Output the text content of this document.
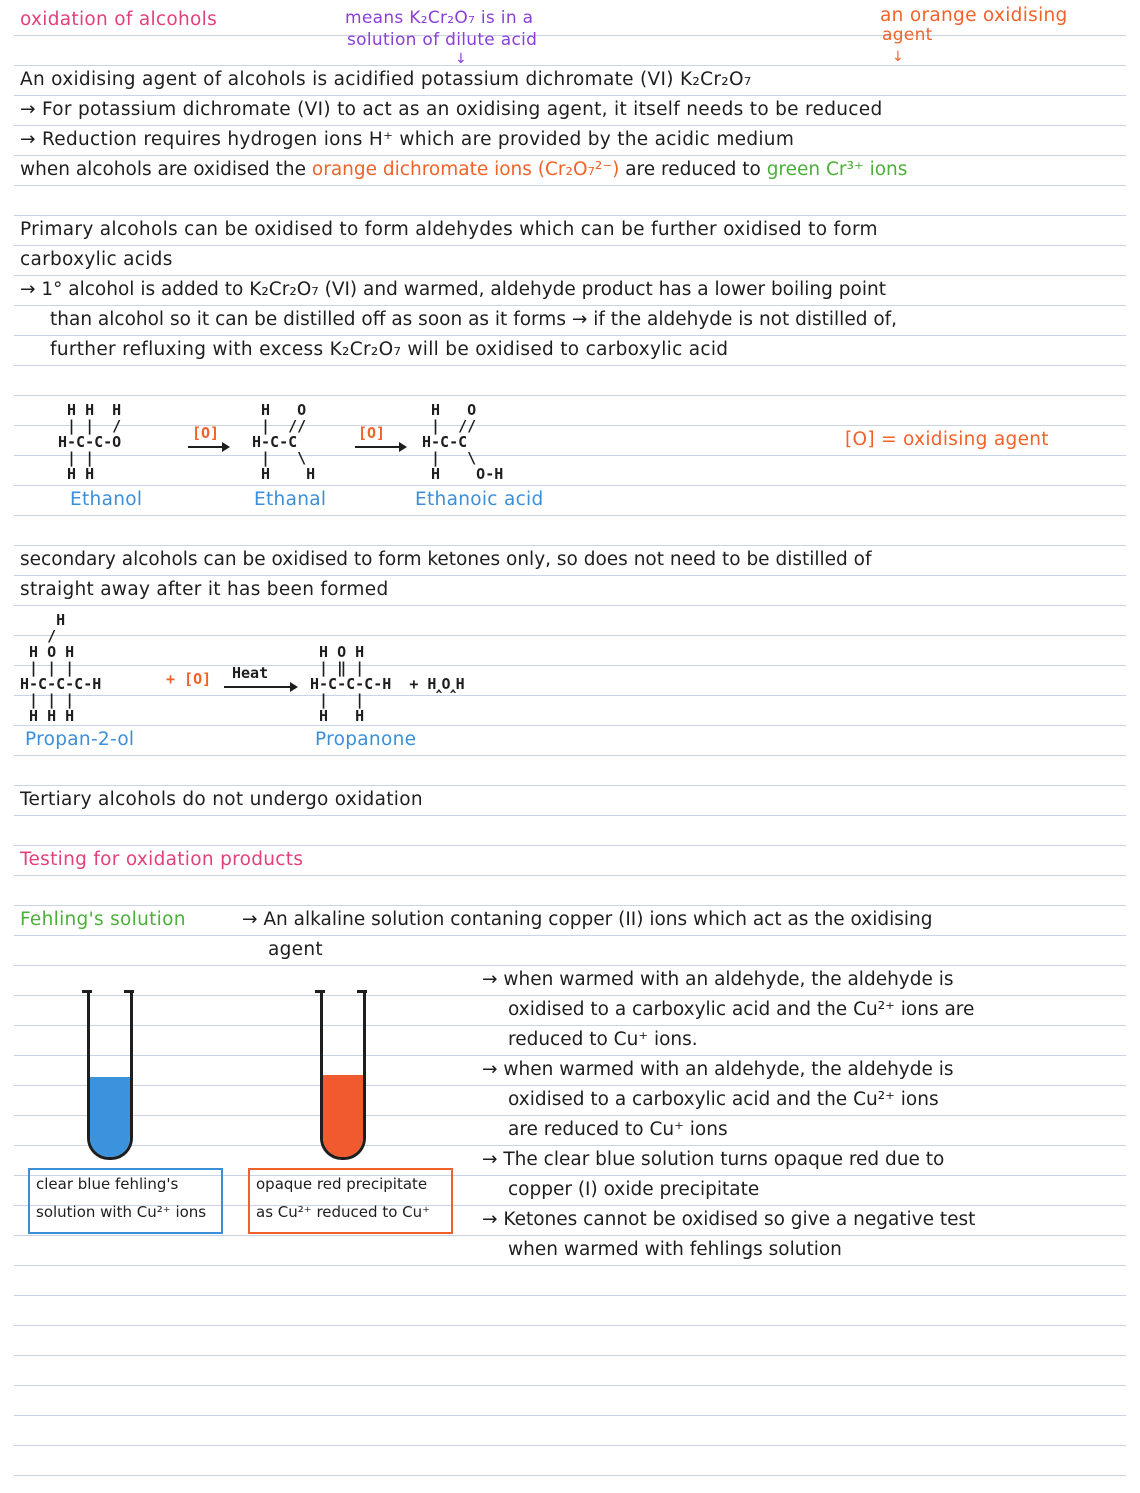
oxidation of alcohols	means K₂Cr₂O₇ is in a
solution of dilute acid
↓
an orange oxidising
agent
↓
An oxidising agent of alcohols is acidified potassium dichromate (VI) K₂Cr₂O₇
→ For potassium dichromate (VI) to act as an oxidising agent, it itself needs to be reduced
→ Reduction requires hydrogen ions H⁺ which are provided by the acidic medium
when alcohols are oxidised the orange dichromate ions (Cr₂O₇²⁻) are reduced to green Cr³⁺ ions
Primary alcohols can be oxidised to form aldehydes which can be further oxidised to form
carboxylic acids
→ 1° alcohol is added to K₂Cr₂O₇ (VI) and warmed, aldehyde product has a lower boiling point
than alcohol so it can be distilled off as soon as it forms → if the aldehyde is not distilled of,
further refluxing with excess K₂Cr₂O₇ will be oxidised to carboxylic acid
H H  H
| |  /
H-C-C-O
| |
H H
[O]
H   O
|  //
H-C-C
|   \
H    H
[O]
H   O
|  //
H-C-C
|   \
H    O-H
[O] = oxidising agent
Ethanol	Ethanal	Ethanoic acid
secondary alcohols can be oxidised to form ketones only, so does not need to be distilled of
straight away after it has been formed
H
/
H O H
| | |
H-C-C-C-H
| | |
H H H
+ [O] Heat
H O H
| ‖ |
H-C-C-C-H  + H‸O‸H
|   |
H   H
Propan-2-ol	Propanone
Tertiary alcohols do not undergo oxidation
Testing for oxidation products
Fehling's solution	→ An alkaline solution contaning copper (II) ions which act as the oxidising
agent
→ when warmed with an aldehyde, the aldehyde is
oxidised to a carboxylic acid and the Cu²⁺ ions are
reduced to Cu⁺ ions.
→ when warmed with an aldehyde, the aldehyde is
oxidised to a carboxylic acid and the Cu²⁺ ions
are reduced to Cu⁺ ions
→ The clear blue solution turns opaque red due to
copper (I) oxide precipitate
→ Ketones cannot be oxidised so give a negative test
when warmed with fehlings solution
clear blue fehling's
solution with Cu²⁺ ions
opaque red precipitate
as Cu²⁺ reduced to Cu⁺
